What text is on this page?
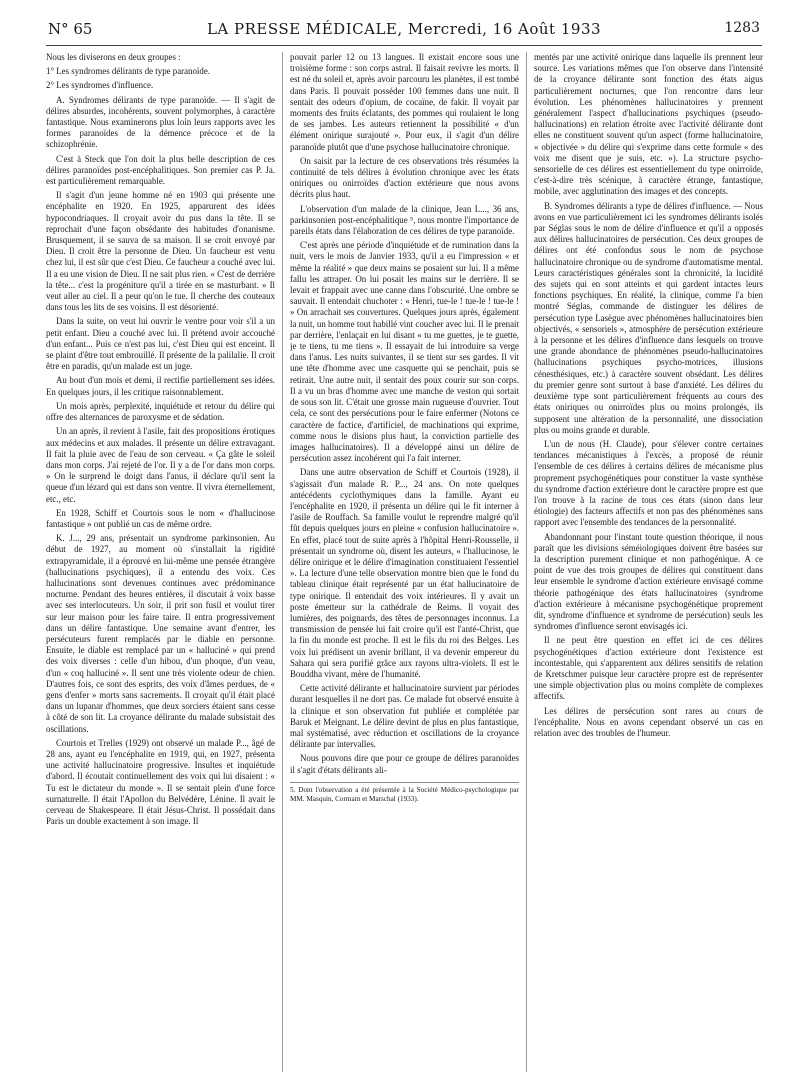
N° 65	LA PRESSE MÉDICALE, Mercredi, 16 Août 1933	1283

Nous les diviserons en deux groupes :

1° Les syndromes délirants de type paranoïde.

2° Les syndromes d'influence.

A. Syndromes délirants de type paranoïde. — Il s'agit de délires absurdes, incohérents, souvent polymorphes, à caractère fantastique. Nous examinerons plus loin leurs rapports avec les formes paranoïdes de la démence précoce et de la schizophrénie.

C'est à Steck que l'on doit la plus belle description de ces délires paranoïdes post-encéphalitiques. Son premier cas P. Ja. est particulièrement remarquable.

Il s'agit d'un jeune homme né en 1903 qui présente une encéphalite en 1920. En 1925, apparurent des idées hypocondriaques. Il croyait avoir du pus dans la tête. Il se reprochait d'une façon obsédante des habitudes d'onanisme. Brusquement, il se sauva de sa maison. Il se croit envoyé par Dieu. Il croit être la personne de Dieu. Un faucheur est venu chez lui, il est sûr que c'est Dieu. Ce faucheur a couché avec lui. Il a eu une vision de Dieu. Il ne sait plus rien. « C'est de derrière la tête... c'est la progéniture qu'il a tirée en se masturbant. » Il veut aller au ciel. Il a peur qu'on le tue. Il cherche des couteaux dans tous les lits de ses voisins. Il est désorienté.

Dans la suite, on veut lui ouvrir le ventre pour voir s'il a un petit enfant. Dieu a couché avec lui. Il prétend avoir accouché d'un enfant... Puis ce n'est pas lui, c'est Dieu qui est enceint. Il se plaint d'être tout embrouillé. Il présente de la palilalie. Il croit être en paradis, qu'un malade est un juge.

Au bout d'un mois et demi, il rectifie partiellement ses idées. En quelques jours, il les critique raisonnablement.

Un mois après, perplexité, inquiétude et retour du délire qui offre des alternances de paroxysme et de sédation.

Un an après, il revient à l'asile, fait des propositions érotiques aux médecins et aux malades. Il présente un délire extravagant. Il fait la pluie avec de l'eau de son cerveau. « Ça gâte le soleil dans mon corps. J'ai rejeté de l'or. Il y a de l'or dans mon corps. » On le surprend le doigt dans l'anus, il déclare qu'il sent la queue d'un lézard qui est dans son ventre. Il vivra éternellement, etc., etc.

En 1928, Schiff et Courtois sous le nom « d'hallucinose fantastique » ont publié un cas de même ordre.

K. J..., 29 ans, présentait un syndrome parkinsonien. Au début de 1927, au moment où s'installait la rigidité extrapyramidale, il a éprouvé en lui-même une pensée étrangère (hallucinations psychiques), il a entendu des voix. Ces hallucinations sont devenues continues avec prédominance nocturne. Pendant des heures entières, il discutait à voix basse avec ses interlocuteurs. Un soir, il prit son fusil et voulut tirer sur leur maison pour les faire taire. Il entra progressivement dans un délire fantastique. Une semaine avant d'entrer, les persécuteurs furent remplacés par le diable en personne. Ensuite, le diable est remplacé par un « halluciné » qui prend des voix diverses : celle d'un hibou, d'un phoque, d'un veau, d'un « coq halluciné ». Il sent une très violente odeur de chien. D'autres fois, ce sont des esprits, des voix d'âmes perdues, de « gens d'enfer » morts sans sacrements. Il croyait qu'il était placé dans un lupanar d'hommes, que deux sorciers étaient sans cesse à côté de son lit. La croyance délirante du malade subsistait des oscillations.

Courtois et Trelles (1929) ont observé un malade P..., âgé de 28 ans, ayant eu l'encéphalite en 1919, qui, en 1927, présenta une activité hallucinatoire progressive. Insultes et inquiétude d'abord. Il écoutait continuellement des voix qui lui disaient : « Tu est le dictateur du monde ». Il se sentait plein d'une force surnaturelle. Il était l'Apollon du Belvédère, Lénine. Il avait le cerveau de Shakespeare. Il était Jésus-Christ. Il possédait dans Paris un double exactement à son image. Il

pouvait parler 12 ou 13 langues. Il existait encore sous une troisième forme : son corps astral. Il faisait revivre les morts. Il est né du soleil et, après avoir parcouru les planètes, il est tombé dans Paris. Il pouvait posséder 100 femmes dans une nuit. Il sentait des odeurs d'opium, de cocaïne, de fakir. Il voyait par moments des fruits éclatants, des pommes qui roulaient le long de ses jambes. Les auteurs retiennent la possibilité « d'un élément onirique surajouté ». Pour eux, il s'agit d'un délire paranoïde plutôt que d'une psychose hallucinatoire chronique.

On saisit par la lecture de ces observations très résumées la continuité de tels délires à évolution chronique avec les états oniriques ou onirroïdes d'action extérieure que nous avons décrits plus haut.

L'observation d'un malade de la clinique, Jean L..., 36 ans, parkinsonien post-encéphalitique ⁵, nous montre l'importance de pareils états dans l'élaboration de ces délires de type paranoïde.

C'est après une période d'inquiétude et de rumination dans la nuit, vers le mois de Janvier 1933, qu'il a eu l'impression « et même la réalité » que deux mains se posaient sur lui. Il a même fallu les attraper. On lui posait les mains sur le derrière. Il se levait et frappait avec une canne dans l'obscurité. Une ombre se sauvait. Il entendait chuchoter : « Henri, tue-le ! tue-le ! tue-le ! » On arrachait ses couvertures. Quelques jours après, également la nuit, un homme tout habillé vint coucher avec lui. Il le prenait par derrière, l'enlaçait en lui disant « tu me guettes, je te guette, je te tiens, tu me tiens ». Il essayait de lui introduire sa verge dans l'anus. Les nuits suivantes, il se tient sur ses gardes. Il vit une tête d'homme avec une casquette qui se penchait, puis se retirait. Une autre nuit, il sentait des poux courir sur son corps. Il a vu un bras d'homme avec une manche de veston qui sortait de sous son lit. C'était une grosse main rugueuse d'ouvrier. Tout cela, ce sont des persécutions pour le faire enfermer (Notons ce caractère de factice, d'artificiel, de machinations qui exprime, comme nous le disions plus haut, la conviction partielle des images hallucinatoires). Il a développé ainsi un délire de persécution assez incohérent qui l'a fait interner.

Dans une autre observation de Schiff et Courtois (1928), il s'agissait d'un malade R. P..., 24 ans. On note quelques antécédents cyclothymiques dans la famille. Ayant eu l'encéphalite en 1920, il présenta un délire qui le fit interner à l'asile de Rouffach. Sa famille voulut le reprendre malgré qu'il fût depuis quelques jours en pleine « confusion hallucinatoire ». En effet, placé tout de suite après à l'hôpital Henri-Rousselle, il présentait un syndrome où, disent les auteurs, « l'hallucinose, le délire onirique et le délire d'imagination constituaient l'essentiel ». La lecture d'une telle observation montre bien que le fond du tableau clinique était représenté par un état hallucinatoire de type onirique. Il entendait des voix intérieures. Il y avait un poste émetteur sur la cathédrale de Reims. Il voyait des lumières, des poignards, des têtes de personnages inconnus. La transmission de pensée lui fait croire qu'il est l'anté-Christ, que la fin du monde est proche. Il est le fils du roi des Belges. Les voix lui prédisent un avenir brillant, il va devenir empereur du Sahara qui sera purifié grâce aux rayons ultra-violets. Il est le Bouddha vivant, mère de l'humanité.

Cette activité délirante et hallucinatoire survient par périodes durant lesquelles il ne dort pas. Ce malade fut observé ensuite à la clinique et son observation fut publiée et complétée par Baruk et Meignant. Le délire devint de plus en plus fantastique, mal systématisé, avec réduction et oscillations de la croyance délirante par intervalles.

Nous pouvons dire que pour ce groupe de délires paranoïdes il s'agit d'états délirants ali-

5. Dont l'observation a été présentée à la Société Médico-psychologique par MM. Masquin, Cormam et Marschal (1933).

mentés par une activité onirique dans laquelle ils prennent leur source. Les variations mêmes que l'on observe dans l'intensité de la croyance délirante sont fonction des états aigus particulièrement nocturnes, que l'on rencontre dans leur évolution. Les phénomènes hallucinatoires y prennent généralement l'aspect d'hallucinations psychiques (pseudo-hallucinations) en relation étroite avec l'activité délirante dont elles ne constituent souvent qu'un aspect (forme hallucinatoire, « objectivée » du délire qui s'exprime dans cette formule « des voix me disent que je suis, etc. »). La structure psycho-sensorielle de ces délires est essentiellement du type onirroïde, c'est-à-dire très scénique, à caractère étrange, fantastique, mobile, avec agglutination des images et des concepts.

B. Syndromes délirants a type de délires d'influence. — Nous avons en vue particulièrement ici les syndromes délirants isolés par Séglas sous le nom de délire d'influence et qu'il a opposés aux délires hallucinatoires de persécution. Ces deux groupes de délires ont été confondus sous le nom de psychose hallucinatoire chronique ou de syndrome d'automatisme mental. Leurs caractéristiques générales sont la chronicité, la lucidité des sujets qui en sont atteints et qui gardent intactes leurs fonctions psychiques. En réalité, la clinique, comme l'a bien montré Séglas, commande de distinguer les délires de persécution type Lasègue avec phénomènes hallucinatoires bien objectivés, « sensoriels », atmosphère de persécution extérieure à la personne et les délires d'influence dans lesquels on trouve une grande abondance de phénomènes pseudo-hallucinatoires (hallucinations psychiques psycho-motrices, illusions cénesthésiques, etc.) à caractère souvent obsédant. Les délires du premier genre sont surtout à base d'anxiété. Les délires du deuxième type sont particulièrement fréquents au cours des états oniriques ou onirroïdes plus ou moins prolongés, ils supposent une altération de la personnalité, une dissociation plus ou moins grande et durable.

L'un de nous (H. Claude), pour s'élever contre certaines tendances mécanistiques à l'excès, a proposé de réunir l'ensemble de ces délires à certains délires de mécanisme plus proprement psychogénétiques pour constituer la vaste synthèse du syndrome d'action extérieure dont le caractère propre est que l'on trouve à la racine de tous ces états (sinon dans leur étiologie) des facteurs affectifs et non pas des phénomènes sans rapport avec l'ensemble des tendances de la personnalité.

Abandonnant pour l'instant toute question théorique, il nous paraît que les divisions séméiologiques doivent être basées sur la description purement clinique et non pathogénique. A ce point de vue des trois groupes de délires qui constituent dans leur ensemble le syndrome d'action extérieure envisagé comme théorie pathogénique des états hallucinatoires (syndrome d'action extérieure à mécanisme psychogénétique proprement dit, syndrome d'influence et syndrome de persécution) seuls les syndromes d'influence seront envisagés ici.

Il ne peut être question en effet ici de ces délires psychogénétiques d'action extérieure dont l'existence est incontestable, qui s'apparentent aux délires sensitifs de relation de Kretschmer puisque leur caractère propre est de représenter une simple objectivation plus ou moins complète de complexes affectifs.

Les délires de persécution sont rares au cours de l'encéphalite. Nous en avons cependant observé un cas en relation avec des troubles de l'humeur.
